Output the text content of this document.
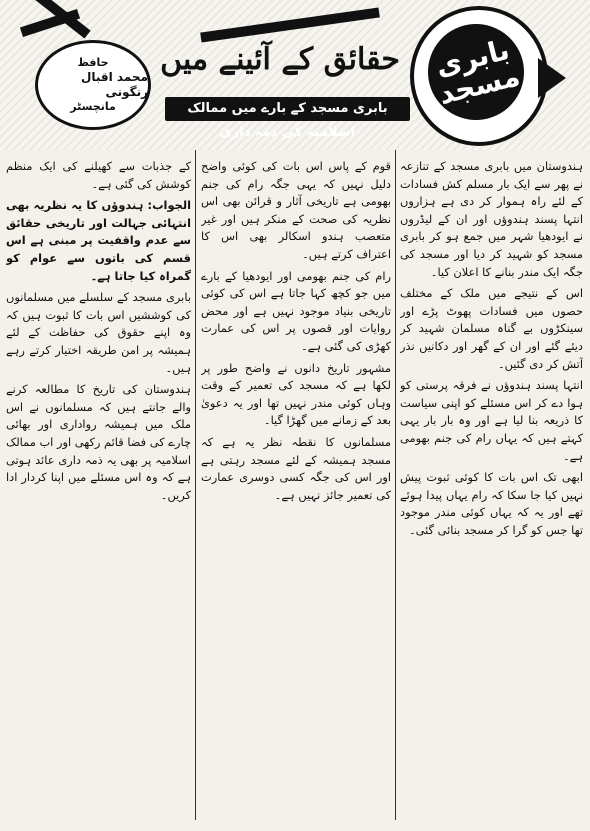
بابری مسجد
حافظ
محمد اقبال رنگونی
مانچسٹر
حقائق کے آئینے میں
بابری مسجد کے بارے میں ممالک اسلامیہ کی ذمہ داری

ہندوستان میں بابری مسجد کے تنازعہ نے پھر سے ایک بار مسلم کش فسادات کے لئے راہ ہموار کر دی ہے ہزاروں انتہا پسند ہندوؤں اور ان کے لیڈروں نے ایودھیا شہر میں جمع ہو کر بابری مسجد کو شہید کر دیا اور مسجد کی جگہ ایک مندر بنانے کا اعلان کیا۔

اس کے نتیجے میں ملک کے مختلف حصوں میں فسادات پھوٹ پڑے اور سینکڑوں بے گناہ مسلمان شہید کر دیئے گئے اور ان کے گھر اور دکانیں نذر آتش کر دی گئیں۔

انتہا پسند ہندوؤں نے فرقہ پرستی کو ہوا دے کر اس مسئلے کو اپنی سیاست کا ذریعہ بنا لیا ہے اور وہ بار بار یہی کہتے ہیں کہ یہاں رام کی جنم بھومی ہے۔

ابھی تک اس بات کا کوئی ثبوت پیش نہیں کیا جا سکا کہ رام یہاں پیدا ہوئے تھے اور یہ کہ یہاں کوئی مندر موجود تھا جس کو گرا کر مسجد بنائی گئی۔

قوم کے پاس اس بات کی کوئی واضح دلیل نہیں کہ یہی جگہ رام کی جنم بھومی ہے تاریخی آثار و قرائن بھی اس نظریہ کی صحت کے منکر ہیں اور غیر متعصب ہندو اسکالر بھی اس کا اعتراف کرتے ہیں۔

رام کی جنم بھومی اور ایودھیا کے بارے میں جو کچھ کہا جاتا ہے اس کی کوئی تاریخی بنیاد موجود نہیں ہے اور محض روایات اور قصوں پر اس کی عمارت کھڑی کی گئی ہے۔

مشہور تاریخ دانوں نے واضح طور پر لکھا ہے کہ مسجد کی تعمیر کے وقت وہاں کوئی مندر نہیں تھا اور یہ دعویٰ بعد کے زمانے میں گھڑا گیا۔

مسلمانوں کا نقطہ نظر یہ ہے کہ مسجد ہمیشہ کے لئے مسجد رہتی ہے اور اس کی جگہ کسی دوسری عمارت کی تعمیر جائز نہیں ہے۔

کے جذبات سے کھیلنے کی ایک منظم کوشش کی گئی ہے۔

الجواب: ہندوؤں کا یہ نظریہ بھی انتہائی جہالت اور تاریخی حقائق سے عدم واقفیت پر مبنی ہے اس قسم کی باتوں سے عوام کو گمراہ کیا جاتا ہے۔

بابری مسجد کے سلسلے میں مسلمانوں کی کوششیں اس بات کا ثبوت ہیں کہ وہ اپنے حقوق کی حفاظت کے لئے ہمیشہ پر امن طریقہ اختیار کرتے رہے ہیں۔

ہندوستان کی تاریخ کا مطالعہ کرنے والے جانتے ہیں کہ مسلمانوں نے اس ملک میں ہمیشہ رواداری اور بھائی چارے کی فضا قائم رکھی اور اب ممالک اسلامیہ پر بھی یہ ذمہ داری عائد ہوتی ہے کہ وہ اس مسئلے میں اپنا کردار ادا کریں۔
